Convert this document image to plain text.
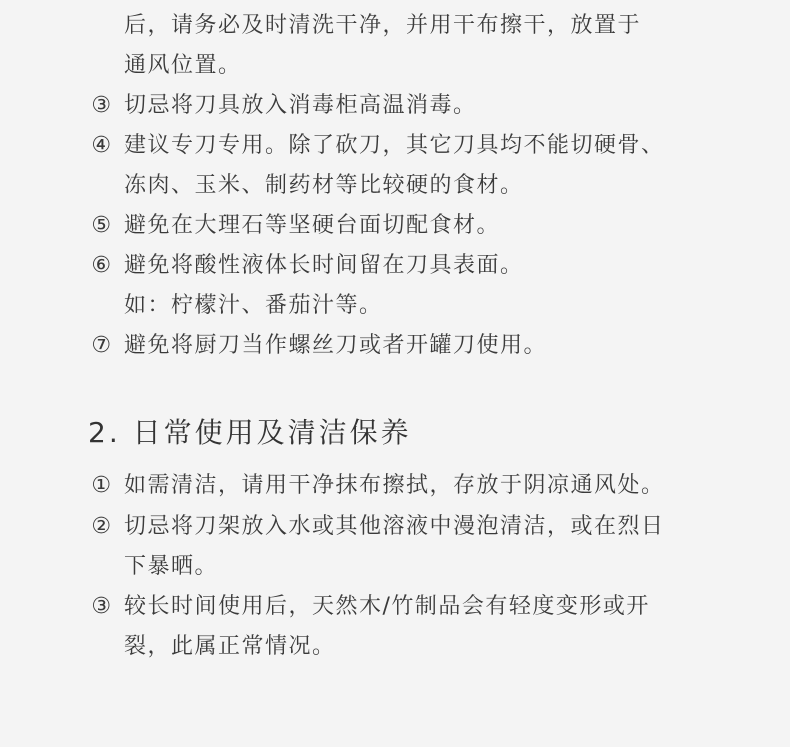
后，请务必及时清洗干净，并用干布擦干，放置于
通风位置。
③ 切忌将刀具放入消毒柜高温消毒。
④ 建议专刀专用。除了砍刀，其它刀具均不能切硬骨、
冻肉、玉米、制药材等比较硬的食材。
⑤ 避免在大理石等坚硬台面切配食材。
⑥ 避免将酸性液体长时间留在刀具表面。
如：柠檬汁、番茄汁等。
⑦ 避免将厨刀当作螺丝刀或者开罐刀使用。
2. 日常使用及清洁保养
① 如需清洁，请用干净抹布擦拭，存放于阴凉通风处。
② 切忌将刀架放入水或其他溶液中漫泡清洁，或在烈日
下暴晒。
③ 较长时间使用后，天然木/竹制品会有轻度变形或开
裂，此属正常情况。
